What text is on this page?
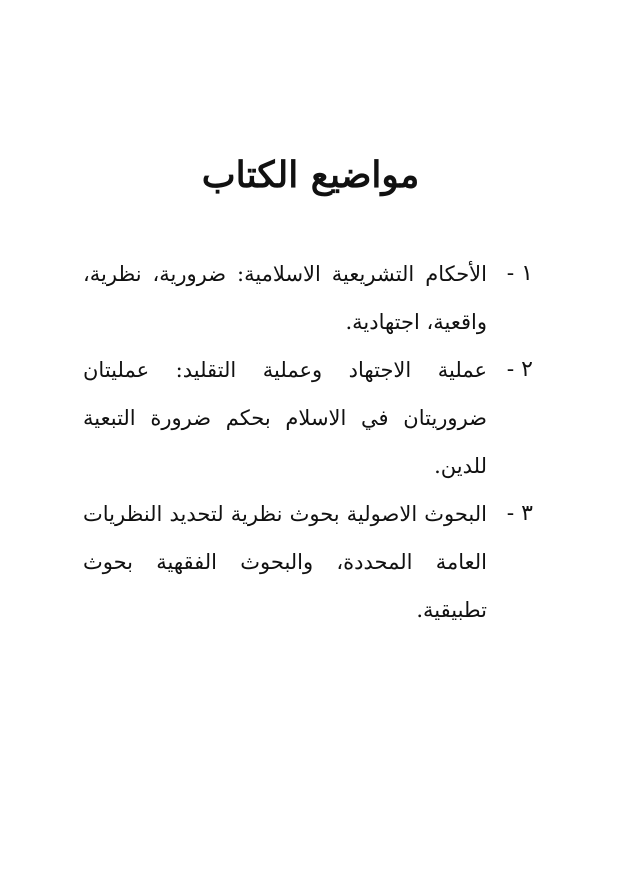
مواضيع الكتاب
١ -
الأحكام التشريعية الاسلامية: ضرورية، نظرية، واقعية، اجتهادية.
٢ -
عملية الاجتهاد وعملية التقليد: عمليتان ضروريتان في الاسلام بحكم ضرورة التبعية للدين.
٣ -
البحوث الاصولية بحوث نظرية لتحديد النظريات العامة المحددة، والبحوث الفقهية بحوث تطبيقية.
